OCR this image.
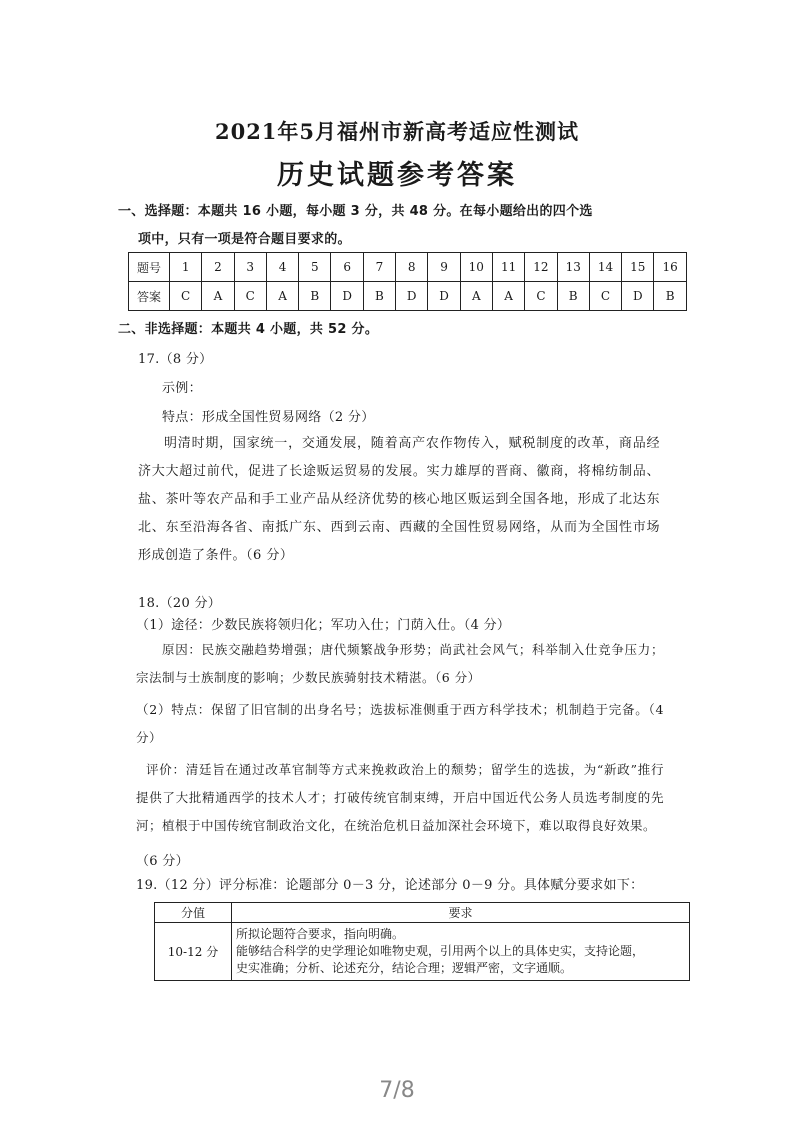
2021年5月福州市新高考适应性测试
历史试题参考答案
一、选择题：本题共 16 小题，每小题 3 分，共 48 分。在每小题给出的四个选
项中，只有一项是符合题目要求的。
题号	1	2	3	4	5	6	7	8	9	10	11	12	13	14	15	16
答案	C	A	C	A	B	D	B	D	D	A	A	C	B	C	D	B
二、非选择题：本题共 4 小题，共 52 分。
17.（8 分）
示例：
特点：形成全国性贸易网络（2 分）
明清时期，国家统一，交通发展，随着高产农作物传入，赋税制度的改革，商品经济大大超过前代，促进了长途贩运贸易的发展。实力雄厚的晋商、徽商，将棉纺制品、盐、茶叶等农产品和手工业产品从经济优势的核心地区贩运到全国各地，形成了北达东北、东至沿海各省、南抵广东、西到云南、西藏的全国性贸易网络，从而为全国性市场形成创造了条件。（6 分）
18.（20 分）
（1）途径：少数民族将领归化；军功入仕；门荫入仕。（4 分）
原因：民族交融趋势增强；唐代频繁战争形势；尚武社会风气；科举制入仕竞争压力；宗法制与士族制度的影响；少数民族骑射技术精湛。（6 分）
（2）特点：保留了旧官制的出身名号；选拔标准侧重于西方科学技术；机制趋于完备。（4 分）
评价：清廷旨在通过改革官制等方式来挽救政治上的颓势；留学生的选拔，为“新政”推行提供了大批精通西学的技术人才；打破传统官制束缚，开启中国近代公务人员选考制度的先河；植根于中国传统官制政治文化，在统治危机日益加深社会环境下，难以取得良好效果。
（6 分）
19.（12 分）评分标准：论题部分 0－3 分，论述部分 0－9 分。具体赋分要求如下：
分值	要求
10-12 分	所拟论题符合要求，指向明确。
能够结合科学的史学理论如唯物史观，引用两个以上的具体史实，支持论题，
史实准确；分析、论述充分，结论合理；逻辑严密，文字通顺。
7/8
